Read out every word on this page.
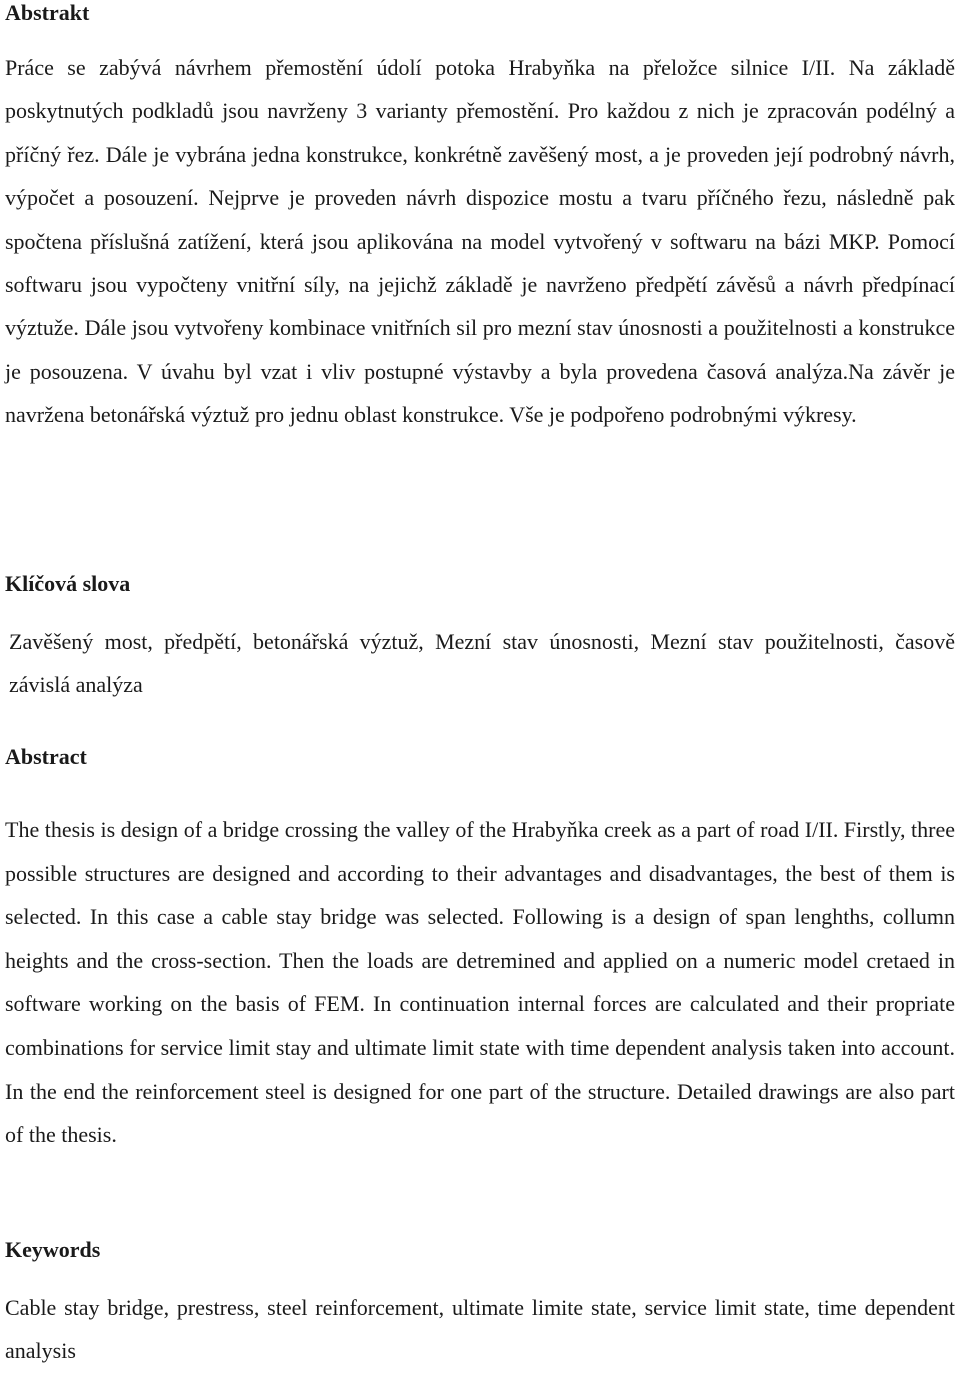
Abstrakt

Práce se zabývá návrhem přemostění údolí potoka Hrabyňka na přeložce silnice I/II. Na základě poskytnutých podkladů jsou navrženy 3 varianty přemostění. Pro každou z nich je zpracován podélný a příčný řez. Dále je vybrána jedna konstrukce, konkrétně zavěšený most, a je proveden její podrobný návrh, výpočet a posouzení. Nejprve je proveden návrh dispozice mostu a tvaru příčného řezu, následně pak spočtena příslušná zatížení, která jsou aplikována na model vytvořený v softwaru na bázi MKP. Pomocí softwaru jsou vypočteny vnitřní síly, na jejichž základě je navrženo předpětí závěsů a návrh předpínací výztuže. Dále jsou vytvořeny kombinace vnitřních sil pro mezní stav únosnosti a použitelnosti a konstrukce je posouzena. V úvahu byl vzat i vliv postupné výstavby a byla provedena časová analýza.Na závěr je navržena betonářská výztuž pro jednu oblast konstrukce. Vše je podpořeno podrobnými výkresy.

Klíčová slova

Zavěšený most, předpětí, betonářská výztuž, Mezní stav únosnosti, Mezní stav použitelnosti, časově závislá analýza

Abstract

The thesis is design of a bridge crossing the valley of the Hrabyňka creek as a part of road I/II. Firstly, three possible structures are designed and according to their advantages and disadvantages, the best of them is selected. In this case a cable stay bridge was selected. Following is a design of span lenghths, collumn heights and the cross-section. Then the loads are detremined and applied on a numeric model cretaed in software working on the basis of FEM. In continuation internal forces are calculated and their propriate combinations for service limit stay and ultimate limit state with time dependent analysis taken into account. In the end the reinforcement steel is designed for one part of the structure. Detailed drawings are also part of the thesis.

Keywords

Cable stay bridge, prestress, steel reinforcement, ultimate limite state, service limit state, time dependent analysis
